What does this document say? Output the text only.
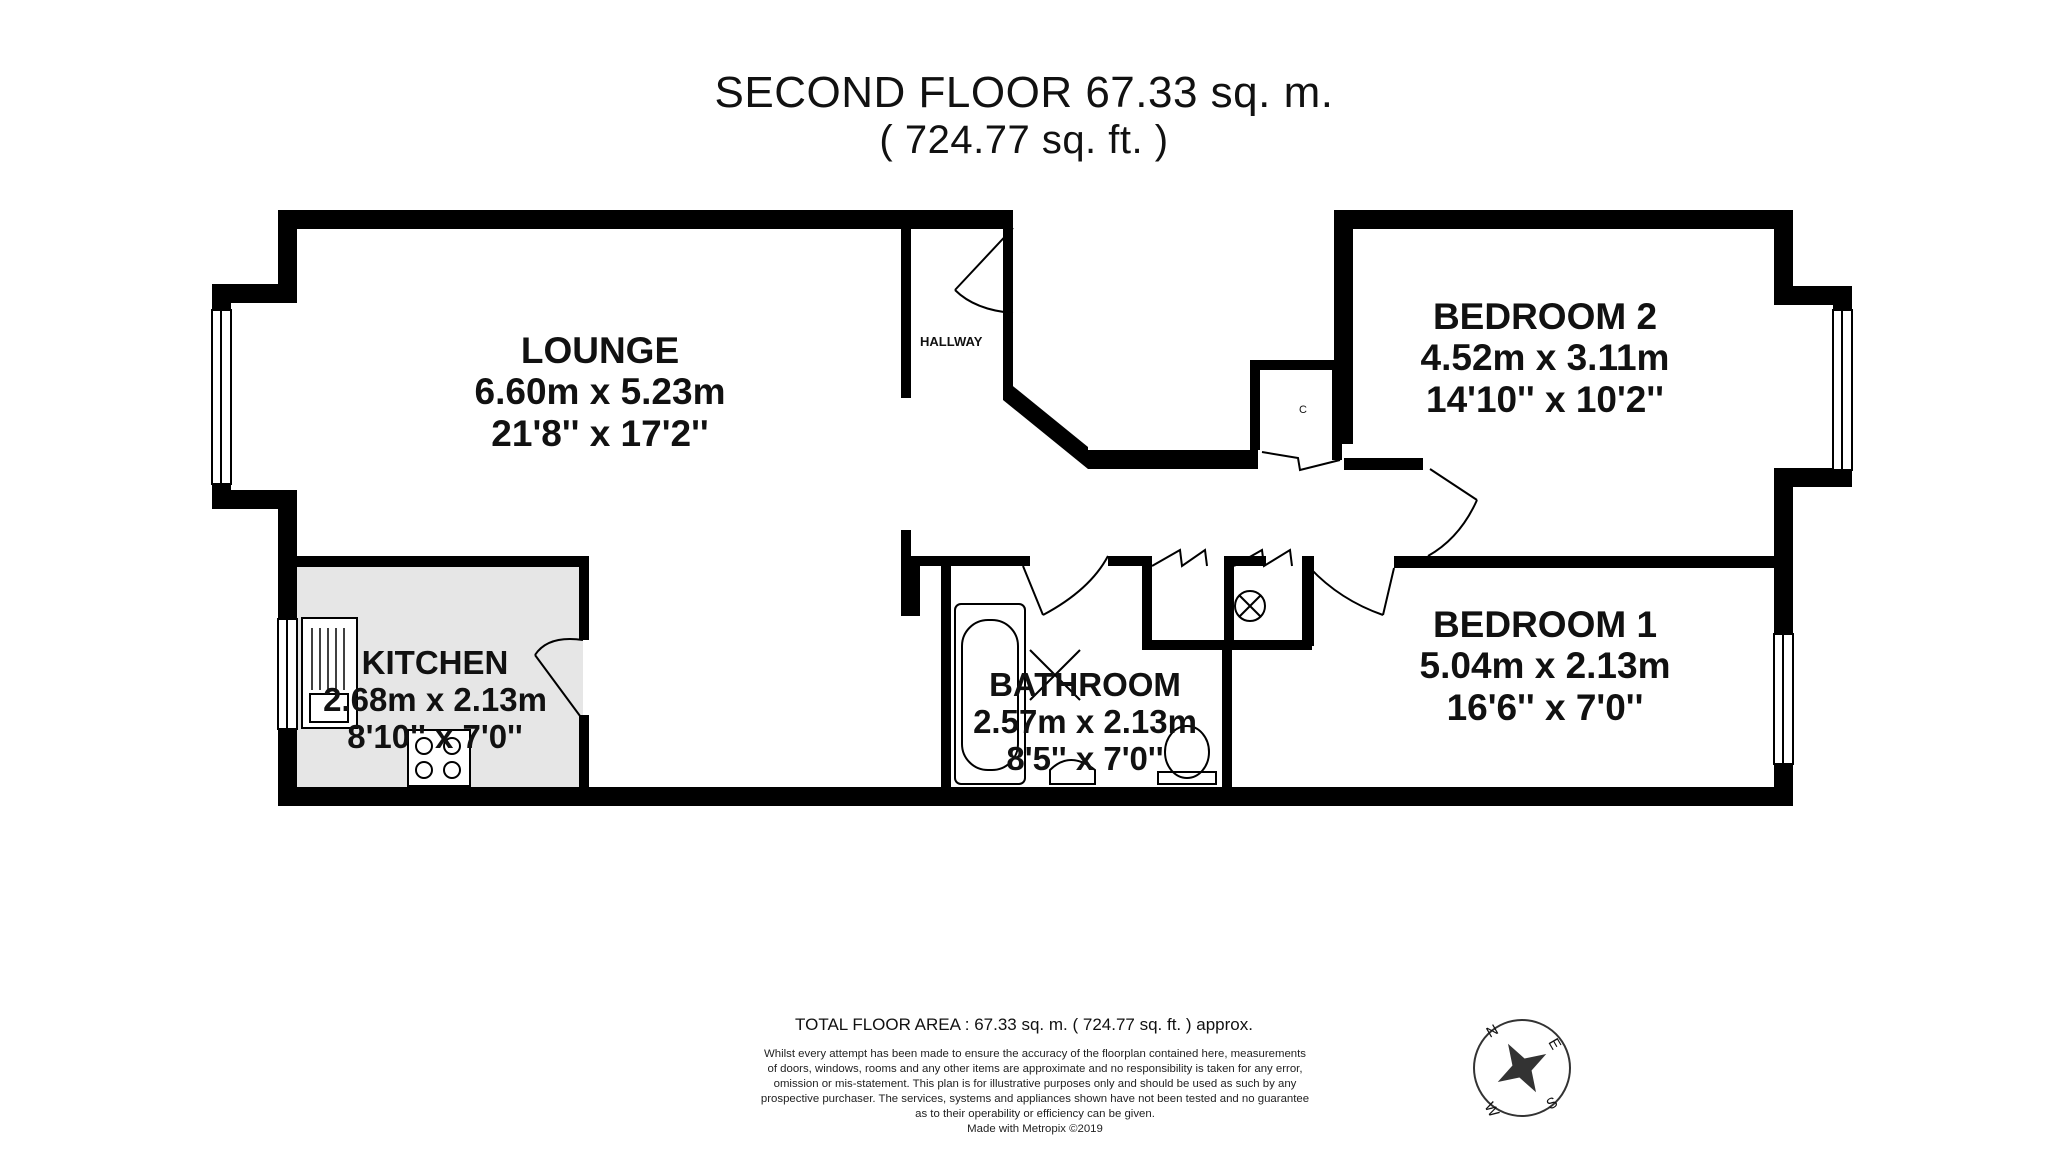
SECOND FLOOR 67.33 sq. m.
( 724.77 sq. ft. )
N
E
S
W
LOUNGE
6.60m x 5.23m
21'8'' x 17'2''
BEDROOM 2
4.52m x 3.11m
14'10'' x 10'2''
BEDROOM 1
5.04m x 2.13m
16'6'' x 7'0''
KITCHEN
2.68m x 2.13m
8'10'' x 7'0''
BATHROOM
2.57m x 2.13m
8'5'' x 7'0''
HALLWAY
C
TOTAL FLOOR AREA : 67.33 sq. m. ( 724.77 sq. ft. ) approx.
Whilst every attempt has been made to ensure the accuracy of the floorplan contained here, measurements
of doors, windows, rooms and any other items are approximate and no responsibility is taken for any error,
omission or mis-statement. This plan is for illustrative purposes only and should be used as such by any
prospective purchaser. The services, systems and appliances shown have not been tested and no guarantee
as to their operability or efficiency can be given.
Made with Metropix ©2019
